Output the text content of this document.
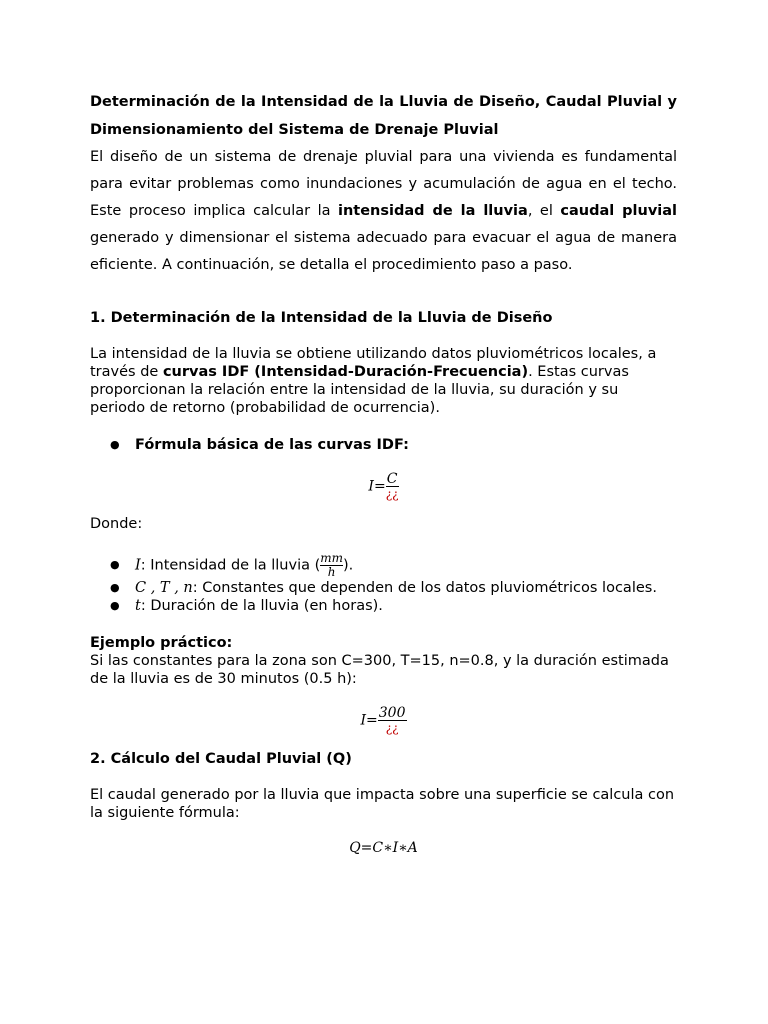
Determinación de la Intensidad de la Lluvia de Diseño, Caudal Pluvial y Dimensionamiento del Sistema de Drenaje Pluvial

El diseño de un sistema de drenaje pluvial para una vivienda es fundamental para evitar problemas como inundaciones y acumulación de agua en el techo. Este proceso implica calcular la intensidad de la lluvia, el caudal pluvial generado y dimensionar el sistema adecuado para evacuar el agua de manera eficiente. A continuación, se detalla el procedimiento paso a paso.

1. Determinación de la Intensidad de la Lluvia de Diseño

La intensidad de la lluvia se obtiene utilizando datos pluviométricos locales, a través de curvas IDF (Intensidad-Duración-Frecuencia). Estas curvas proporcionan la relación entre la intensidad de la lluvia, su duración y su periodo de retorno (probabilidad de ocurrencia).

● Fórmula básica de las curvas IDF:
$I= \frac{C}{¿¿}$

Donde:

● I: Intensidad de la lluvia ( $\frac{mm}{h}$).
● C , T , n: Constantes que dependen de los datos pluviométricos locales.
● t: Duración de la lluvia (en horas).

Ejemplo práctico:

Si las constantes para la zona son C=300, T=15, n=0.8, y la duración estimada de la lluvia es de 30 minutos (0.5 h):

$I= \frac{300}{¿¿}$

2. Cálculo del Caudal Pluvial (Q)

El caudal generado por la lluvia que impacta sobre una superficie se calcula con la siguiente fórmula:

Q=C∗I∗A
